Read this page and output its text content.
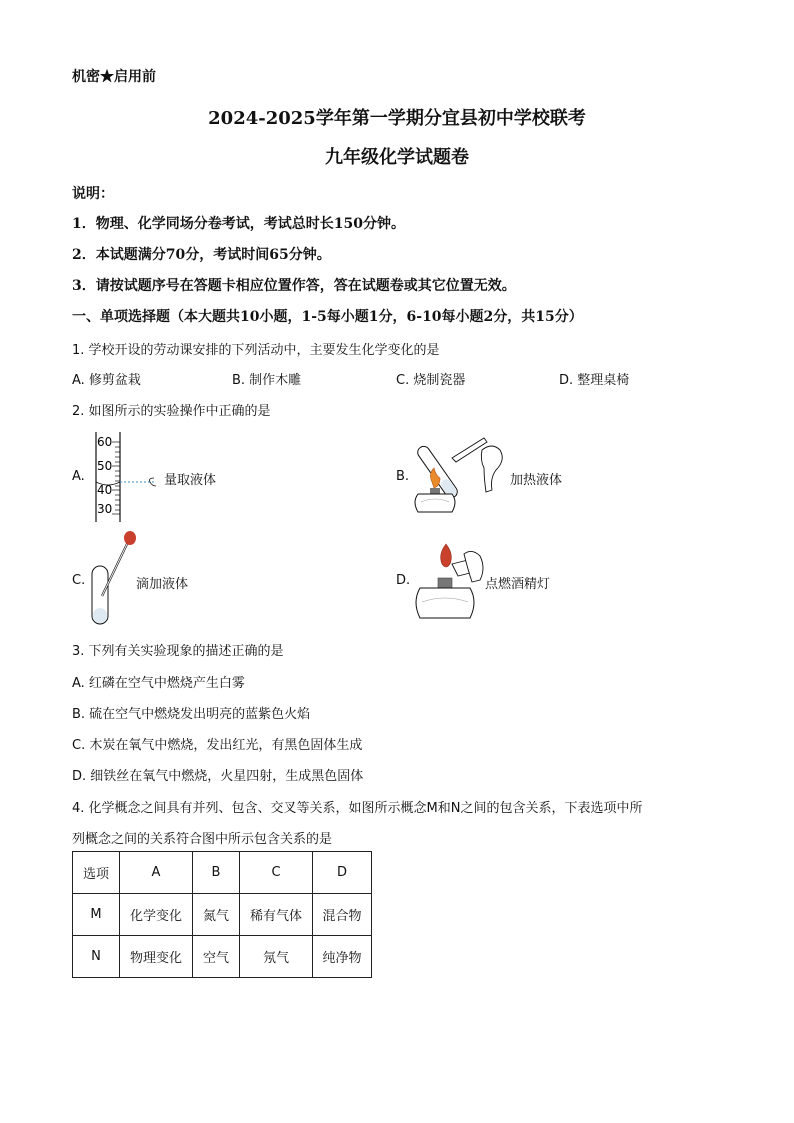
机密★启用前
2024-2025学年第一学期分宜县初中学校联考
九年级化学试题卷
说明：
1．物理、化学同场分卷考试，考试总时长150分钟。
2．本试题满分70分，考试时间65分钟。
3．请按试题序号在答题卡相应位置作答，答在试题卷或其它位置无效。
一、单项选择题（本大题共10小题，1-5每小题1分，6-10每小题2分，共15分）
1. 学校开设的劳动课安排的下列活动中，主要发生化学变化的是
A. 修剪盆栽	B. 制作木雕	C. 烧制瓷器	D. 整理桌椅
2. 如图所示的实验操作中正确的是
A.
60
50
40
30
量取液体	B.	加热液体
C.	滴加液体	D.	点燃酒精灯
3. 下列有关实验现象的描述正确的是
A. 红磷在空气中燃烧产生白雾
B. 硫在空气中燃烧发出明亮的蓝紫色火焰
C. 木炭在氧气中燃烧，发出红光，有黑色固体生成
D. 细铁丝在氧气中燃烧，火星四射，生成黑色固体
4. 化学概念之间具有并列、包含、交叉等关系，如图所示概念M和N之间的包含关系，下表选项中所
列概念之间的关系符合图中所示包含关系的是
选项	A	B	C	D
M	化学变化	氮气	稀有气体	混合物
N	物理变化	空气	氖气	纯净物
